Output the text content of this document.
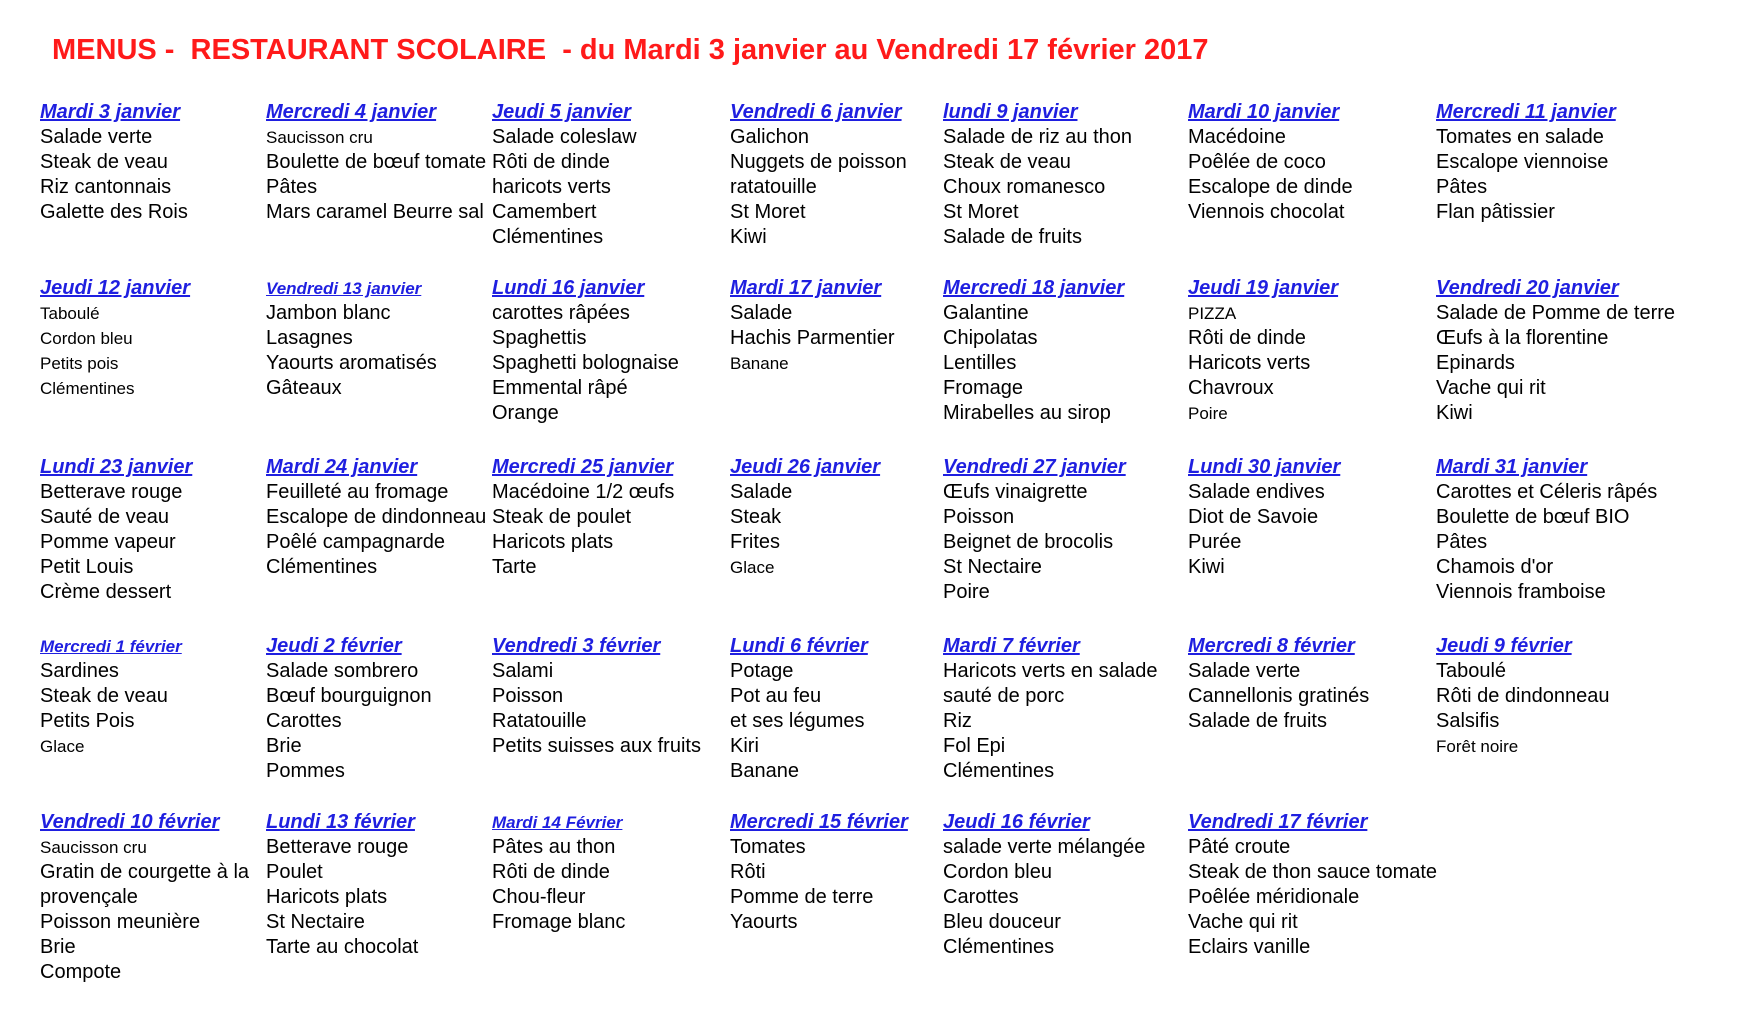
MENUS -  RESTAURANT SCOLAIRE  - du Mardi 3 janvier au Vendredi 17 février 2017
Mardi 3 janvier
Salade verte
Steak de veau
Riz cantonnais
Galette des Rois
Mercredi 4 janvier
Saucisson cru
Boulette de bœuf tomate
Pâtes
Mars caramel Beurre sal
Jeudi 5 janvier
Salade coleslaw
Rôti de dinde
haricots verts
Camembert
Clémentines
Vendredi 6 janvier
Galichon
Nuggets de poisson
ratatouille
St Moret
Kiwi
lundi 9 janvier
Salade de riz au thon
Steak de veau
Choux romanesco
St Moret
Salade de fruits
Mardi 10 janvier
Macédoine
Poêlée de coco
Escalope de dinde
Viennois chocolat
Mercredi 11 janvier
Tomates en salade
Escalope viennoise
Pâtes
Flan pâtissier
Jeudi 12 janvier
Taboulé
Cordon bleu
Petits pois
Clémentines
Vendredi 13 janvier
Jambon blanc
Lasagnes
Yaourts aromatisés
Gâteaux
Lundi 16 janvier
carottes râpées
Spaghettis
Spaghetti bolognaise
Emmental râpé
Orange
Mardi 17 janvier
Salade
Hachis Parmentier
Banane
Mercredi 18 janvier
Galantine
Chipolatas
Lentilles
Fromage
Mirabelles au sirop
Jeudi 19 janvier
PIZZA
Rôti de dinde
Haricots verts
Chavroux
Poire
Vendredi 20 janvier
Salade de Pomme de terre
Œufs à la florentine
Epinards
Vache qui rit
Kiwi
Lundi 23 janvier
Betterave rouge
Sauté de veau
Pomme vapeur
Petit Louis
Crème dessert
Mardi 24 janvier
Feuilleté au fromage
Escalope de dindonneau
Poêlé campagnarde
Clémentines
Mercredi 25 janvier
Macédoine 1/2 œufs
Steak de poulet
Haricots plats
Tarte
Jeudi 26 janvier
Salade
Steak
Frites
Glace
Vendredi 27 janvier
Œufs vinaigrette
Poisson
Beignet de brocolis
St Nectaire
Poire
Lundi 30 janvier
Salade endives
Diot de Savoie
Purée
Kiwi
Mardi 31 janvier
Carottes et Céleris râpés
Boulette de bœuf BIO
Pâtes
Chamois d'or
Viennois framboise
Mercredi 1 février
Sardines
Steak de veau
Petits Pois
Glace
Jeudi 2 février
Salade sombrero
Bœuf bourguignon
Carottes
Brie
Pommes
Vendredi 3 février
Salami
Poisson
Ratatouille
Petits suisses aux fruits
Lundi 6 février
Potage
Pot au feu
et ses légumes
Kiri
Banane
Mardi 7 février
Haricots verts en salade
sauté de porc
Riz
Fol Epi
Clémentines
Mercredi 8 février
Salade verte
Cannellonis gratinés
Salade de fruits
Jeudi 9 février
Taboulé
Rôti de dindonneau
Salsifis
Forêt noire
Vendredi 10 février
Saucisson cru
Gratin de courgette à la
provençale
Poisson meunière
Brie
Compote
Lundi 13 février
Betterave rouge
Poulet
Haricots plats
St Nectaire
Tarte au chocolat
Mardi 14 Février
Pâtes au thon
Rôti de dinde
Chou-fleur
Fromage blanc
Mercredi 15 février
Tomates
Rôti
Pomme de terre
Yaourts
Jeudi 16 février
salade verte mélangée
Cordon bleu
Carottes
Bleu douceur
Clémentines
Vendredi 17 février
Pâté croute
Steak de thon sauce tomate
Poêlée méridionale
Vache qui rit
Eclairs vanille
